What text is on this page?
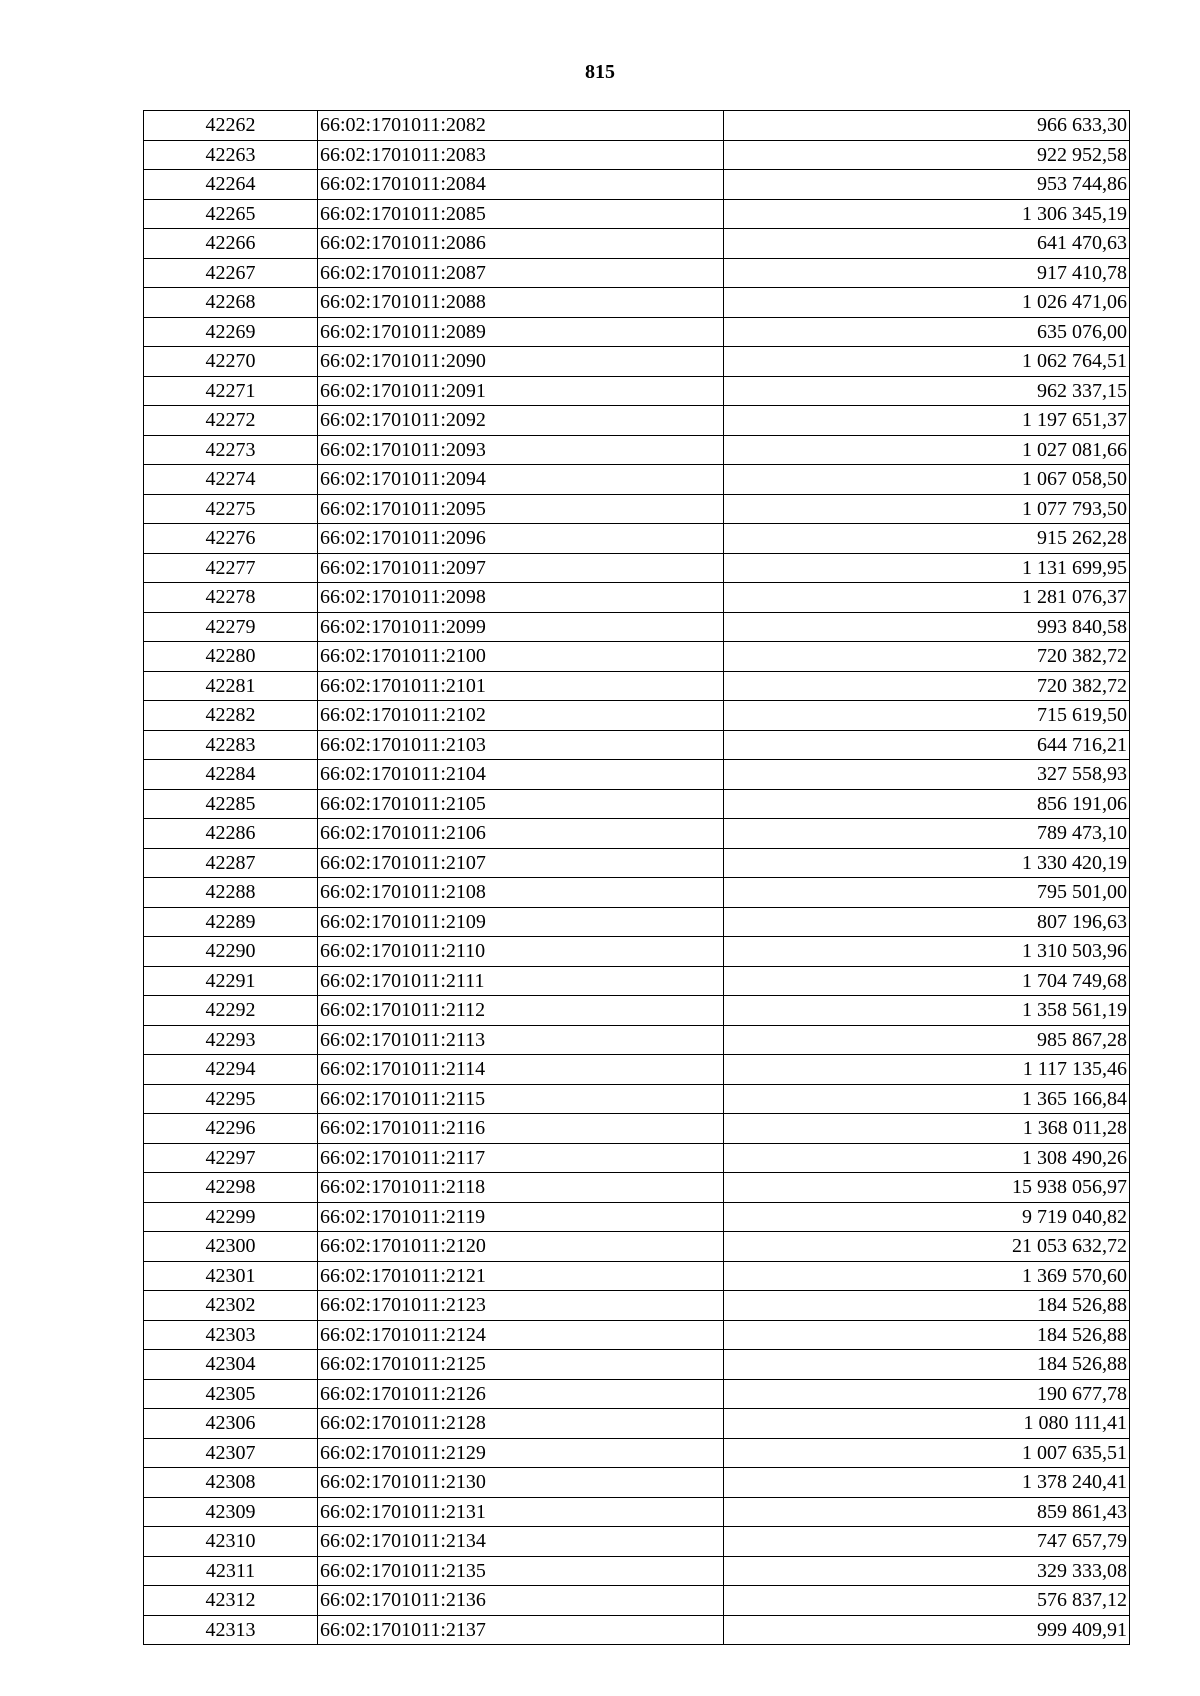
815
42262	66:02:1701011:2082	966 633,30
42263	66:02:1701011:2083	922 952,58
42264	66:02:1701011:2084	953 744,86
42265	66:02:1701011:2085	1 306 345,19
42266	66:02:1701011:2086	641 470,63
42267	66:02:1701011:2087	917 410,78
42268	66:02:1701011:2088	1 026 471,06
42269	66:02:1701011:2089	635 076,00
42270	66:02:1701011:2090	1 062 764,51
42271	66:02:1701011:2091	962 337,15
42272	66:02:1701011:2092	1 197 651,37
42273	66:02:1701011:2093	1 027 081,66
42274	66:02:1701011:2094	1 067 058,50
42275	66:02:1701011:2095	1 077 793,50
42276	66:02:1701011:2096	915 262,28
42277	66:02:1701011:2097	1 131 699,95
42278	66:02:1701011:2098	1 281 076,37
42279	66:02:1701011:2099	993 840,58
42280	66:02:1701011:2100	720 382,72
42281	66:02:1701011:2101	720 382,72
42282	66:02:1701011:2102	715 619,50
42283	66:02:1701011:2103	644 716,21
42284	66:02:1701011:2104	327 558,93
42285	66:02:1701011:2105	856 191,06
42286	66:02:1701011:2106	789 473,10
42287	66:02:1701011:2107	1 330 420,19
42288	66:02:1701011:2108	795 501,00
42289	66:02:1701011:2109	807 196,63
42290	66:02:1701011:2110	1 310 503,96
42291	66:02:1701011:2111	1 704 749,68
42292	66:02:1701011:2112	1 358 561,19
42293	66:02:1701011:2113	985 867,28
42294	66:02:1701011:2114	1 117 135,46
42295	66:02:1701011:2115	1 365 166,84
42296	66:02:1701011:2116	1 368 011,28
42297	66:02:1701011:2117	1 308 490,26
42298	66:02:1701011:2118	15 938 056,97
42299	66:02:1701011:2119	9 719 040,82
42300	66:02:1701011:2120	21 053 632,72
42301	66:02:1701011:2121	1 369 570,60
42302	66:02:1701011:2123	184 526,88
42303	66:02:1701011:2124	184 526,88
42304	66:02:1701011:2125	184 526,88
42305	66:02:1701011:2126	190 677,78
42306	66:02:1701011:2128	1 080 111,41
42307	66:02:1701011:2129	1 007 635,51
42308	66:02:1701011:2130	1 378 240,41
42309	66:02:1701011:2131	859 861,43
42310	66:02:1701011:2134	747 657,79
42311	66:02:1701011:2135	329 333,08
42312	66:02:1701011:2136	576 837,12
42313	66:02:1701011:2137	999 409,91
